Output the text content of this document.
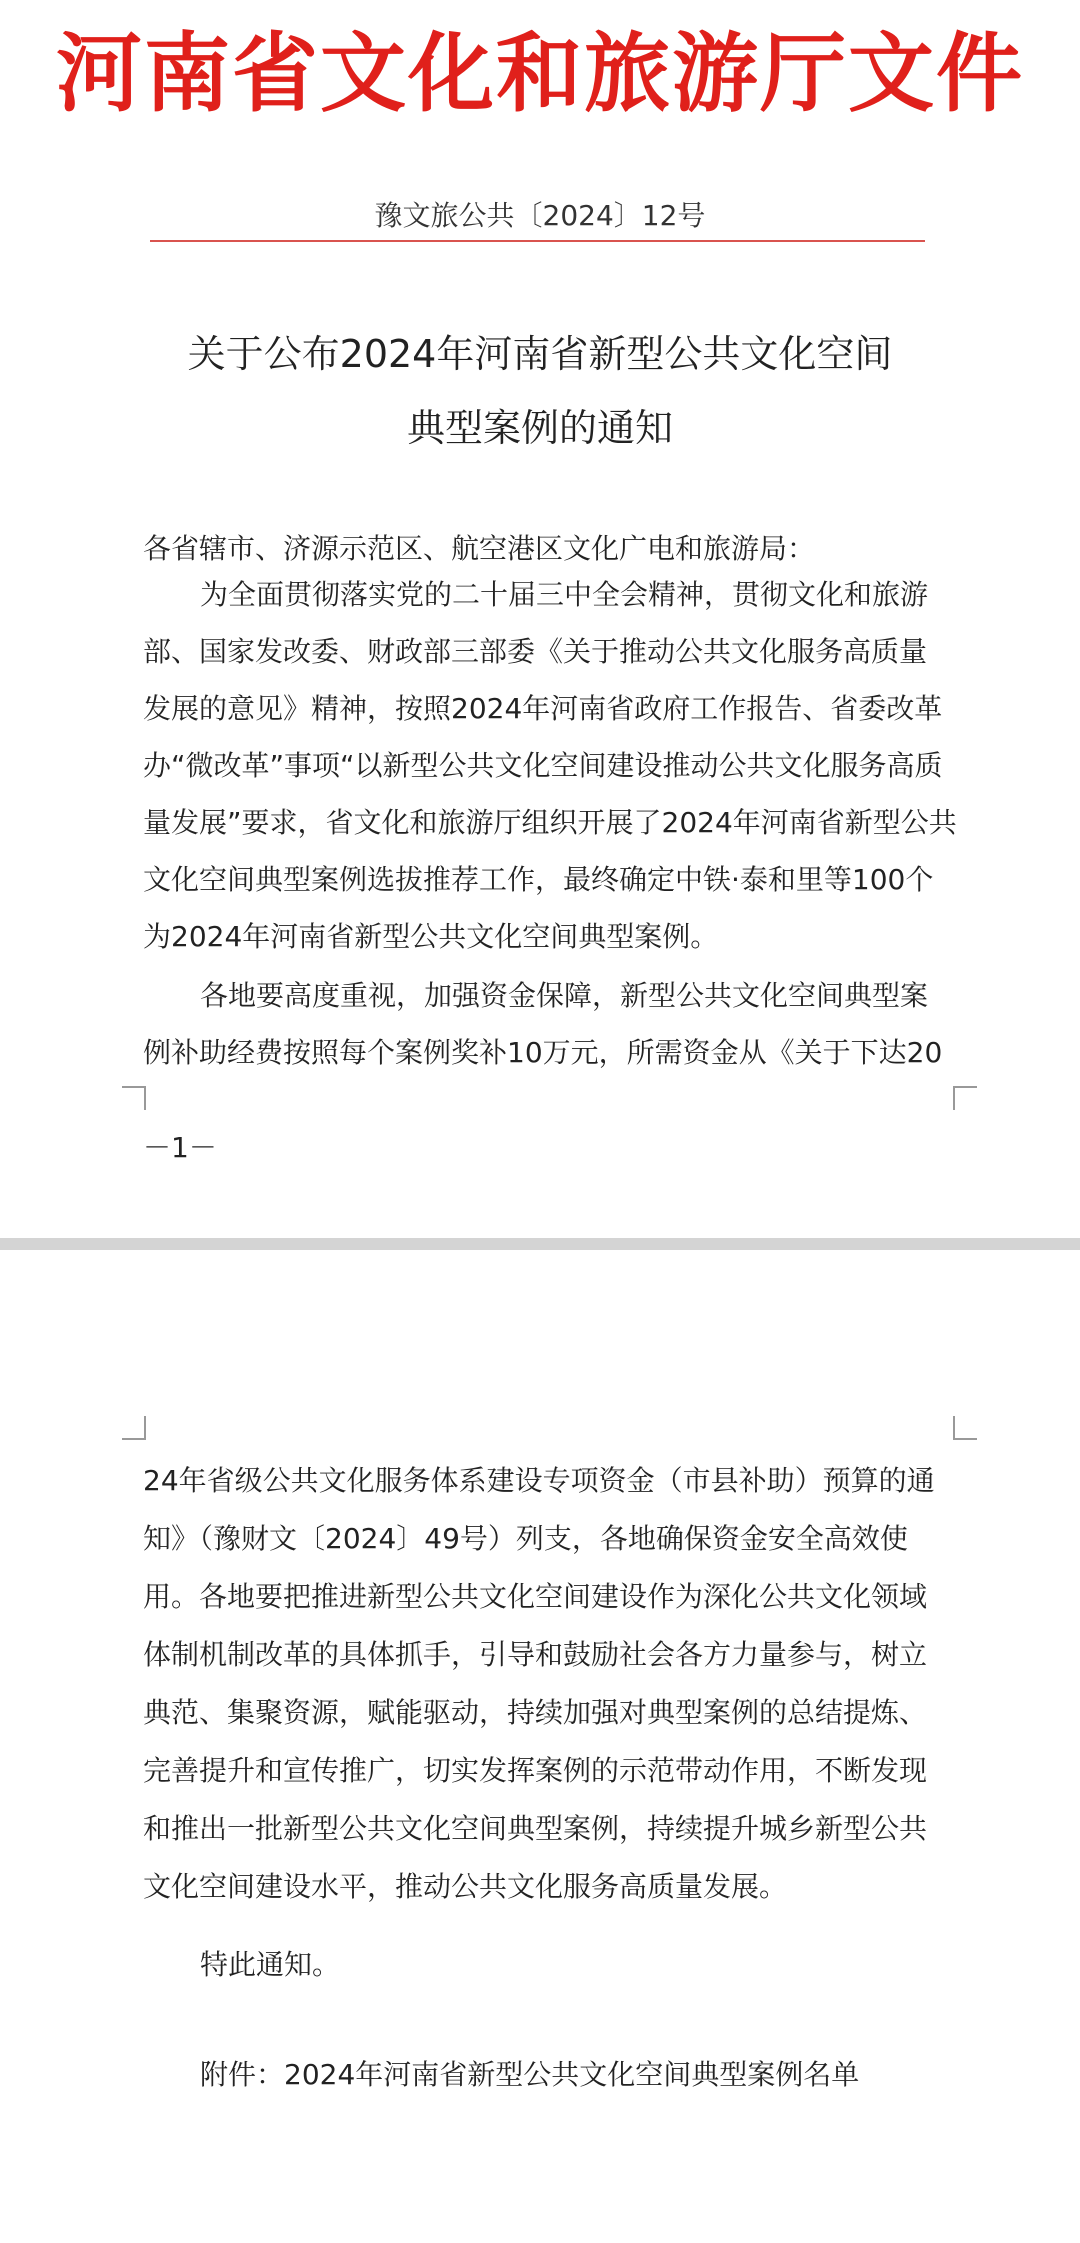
河南省文化和旅游厅文件
豫文旅公共〔2024〕12号
关于公布2024年河南省新型公共文化空间
典型案例的通知

各省辖市、济源示范区、航空港区文化广电和旅游局：

为全面贯彻落实党的二十届三中全会精神，贯彻文化和旅游
部、国家发改委、财政部三部委《关于推动公共文化服务高质量
发展的意见》精神，按照2024年河南省政府工作报告、省委改革
办“微改革”事项“以新型公共文化空间建设推动公共文化服务高质
量发展”要求，省文化和旅游厅组织开展了2024年河南省新型公共
文化空间典型案例选拔推荐工作，最终确定中铁·泰和里等100个
为2024年河南省新型公共文化空间典型案例。
各地要高度重视，加强资金保障，新型公共文化空间典型案
例补助经费按照每个案例奖补10万元，所需资金从《关于下达20
－1－
24年省级公共文化服务体系建设专项资金（市县补助）预算的通
知》（豫财文〔2024〕49号）列支，各地确保资金安全高效使
用。各地要把推进新型公共文化空间建设作为深化公共文化领域
体制机制改革的具体抓手，引导和鼓励社会各方力量参与，树立
典范、集聚资源，赋能驱动，持续加强对典型案例的总结提炼、
完善提升和宣传推广，切实发挥案例的示范带动作用，不断发现
和推出一批新型公共文化空间典型案例，持续提升城乡新型公共
文化空间建设水平，推动公共文化服务高质量发展。

特此通知。

附件：2024年河南省新型公共文化空间典型案例名单
